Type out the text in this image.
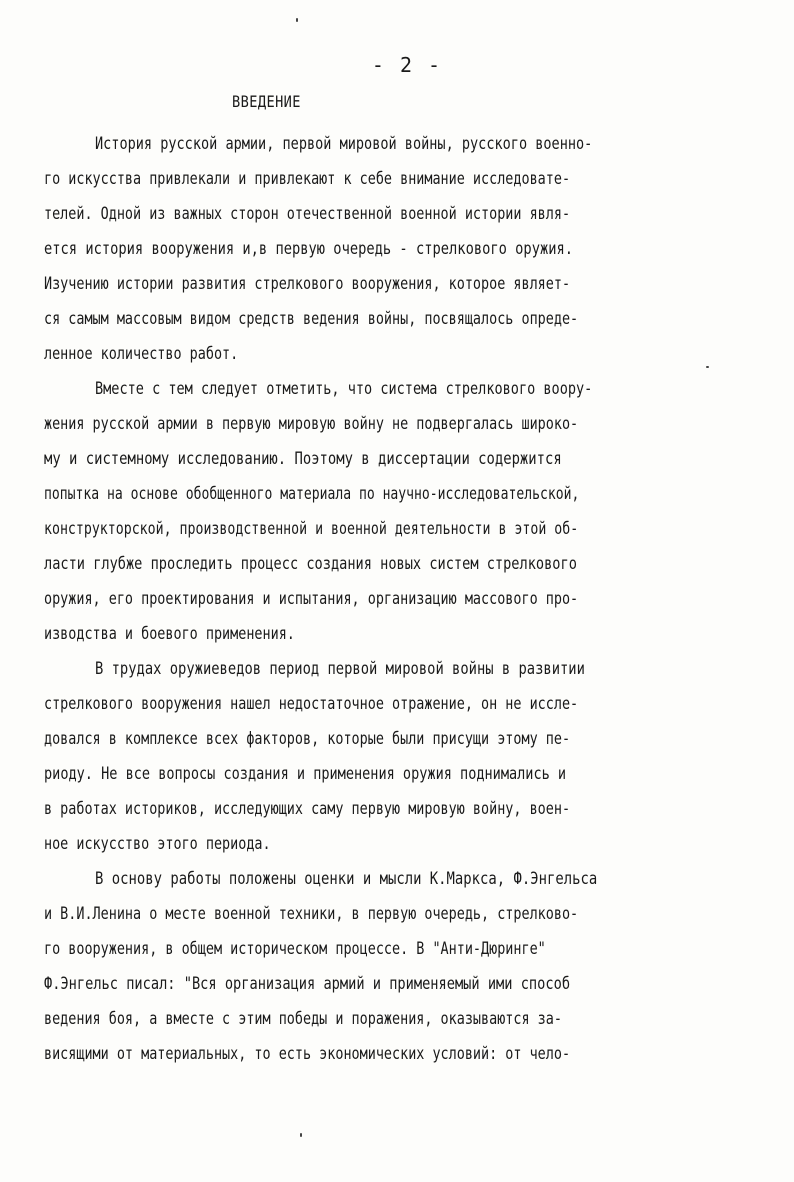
- 2 -
ВВЕДЕНИЕ
История русской армии, первой мировой войны, русского военно-
го искусства привлекали и привлекают к себе внимание исследовате-
телей. Одной из важных сторон отечественной военной истории явля-
ется история вооружения и,в первую очередь - стрелкового оружия.
Изучению истории развития стрелкового вооружения, которое являет-
ся самым массовым видом средств ведения войны, посвящалось опреде-
ленное количество работ.
Вместе с тем следует отметить, что система стрелкового воору-
жения русской армии в первую мировую войну не подвергалась широко-
му и системному исследованию. Поэтому в диссертации содержится
попытка на основе обобщенного материала по научно-исследовательской,
конструкторской, производственной и военной деятельности в этой об-
ласти глубже проследить процесс создания новых систем стрелкового
оружия, его проектирования и испытания, организацию массового про-
изводства и боевого применения.
В трудах оружиеведов период первой мировой войны в развитии
стрелкового вооружения нашел недостаточное отражение, он не иссле-
довался в комплексе всех факторов, которые были присущи этому пе-
риоду. Не все вопросы создания и применения оружия поднимались и
в работах историков, исследующих саму первую мировую войну, воен-
ное искусство этого периода.
В основу работы положены оценки и мысли К.Маркса, Ф.Энгельса
и В.И.Ленина о месте военной техники, в первую очередь, стрелково-
го вооружения, в общем историческом процессе. В "Анти-Дюринге"
Ф.Энгельс писал: "Вся организация армий и применяемый ими способ
ведения боя, а вместе с этим победы и поражения, оказываются за-
висящими от материальных, то есть экономических условий: от чело-
